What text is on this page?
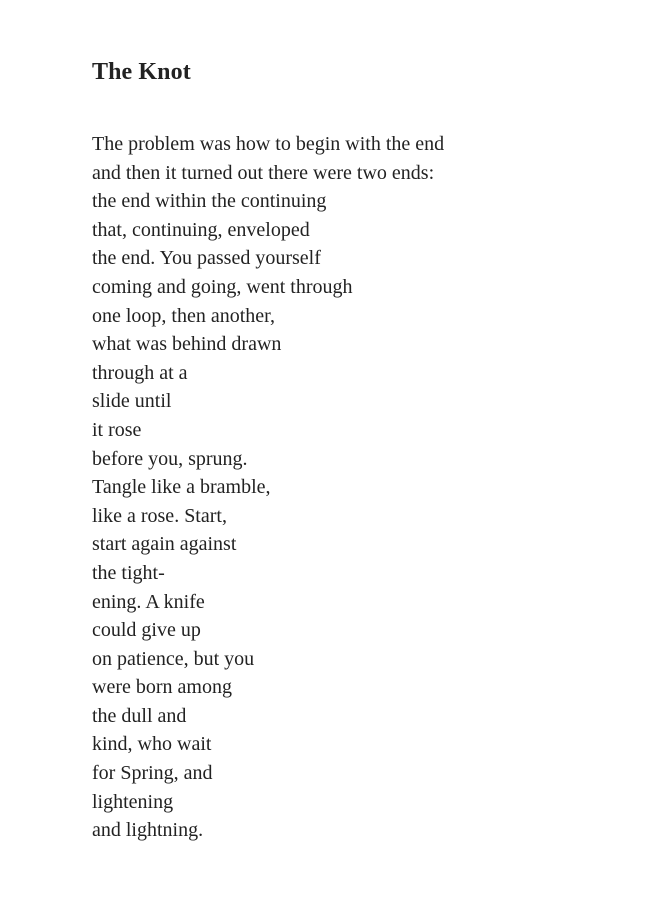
The Knot
The problem was how to begin with the end
and then it turned out there were two ends:
the end within the continuing
that, continuing, enveloped
the end. You passed yourself
coming and going, went through
one loop, then another,
what was behind drawn
through at a
slide until
it rose
before you, sprung.
Tangle like a bramble,
like a rose. Start,
start again against
the tight-
ening. A knife
could give up
on patience, but you
were born among
the dull and
kind, who wait
for Spring, and
lightening
and lightning.
